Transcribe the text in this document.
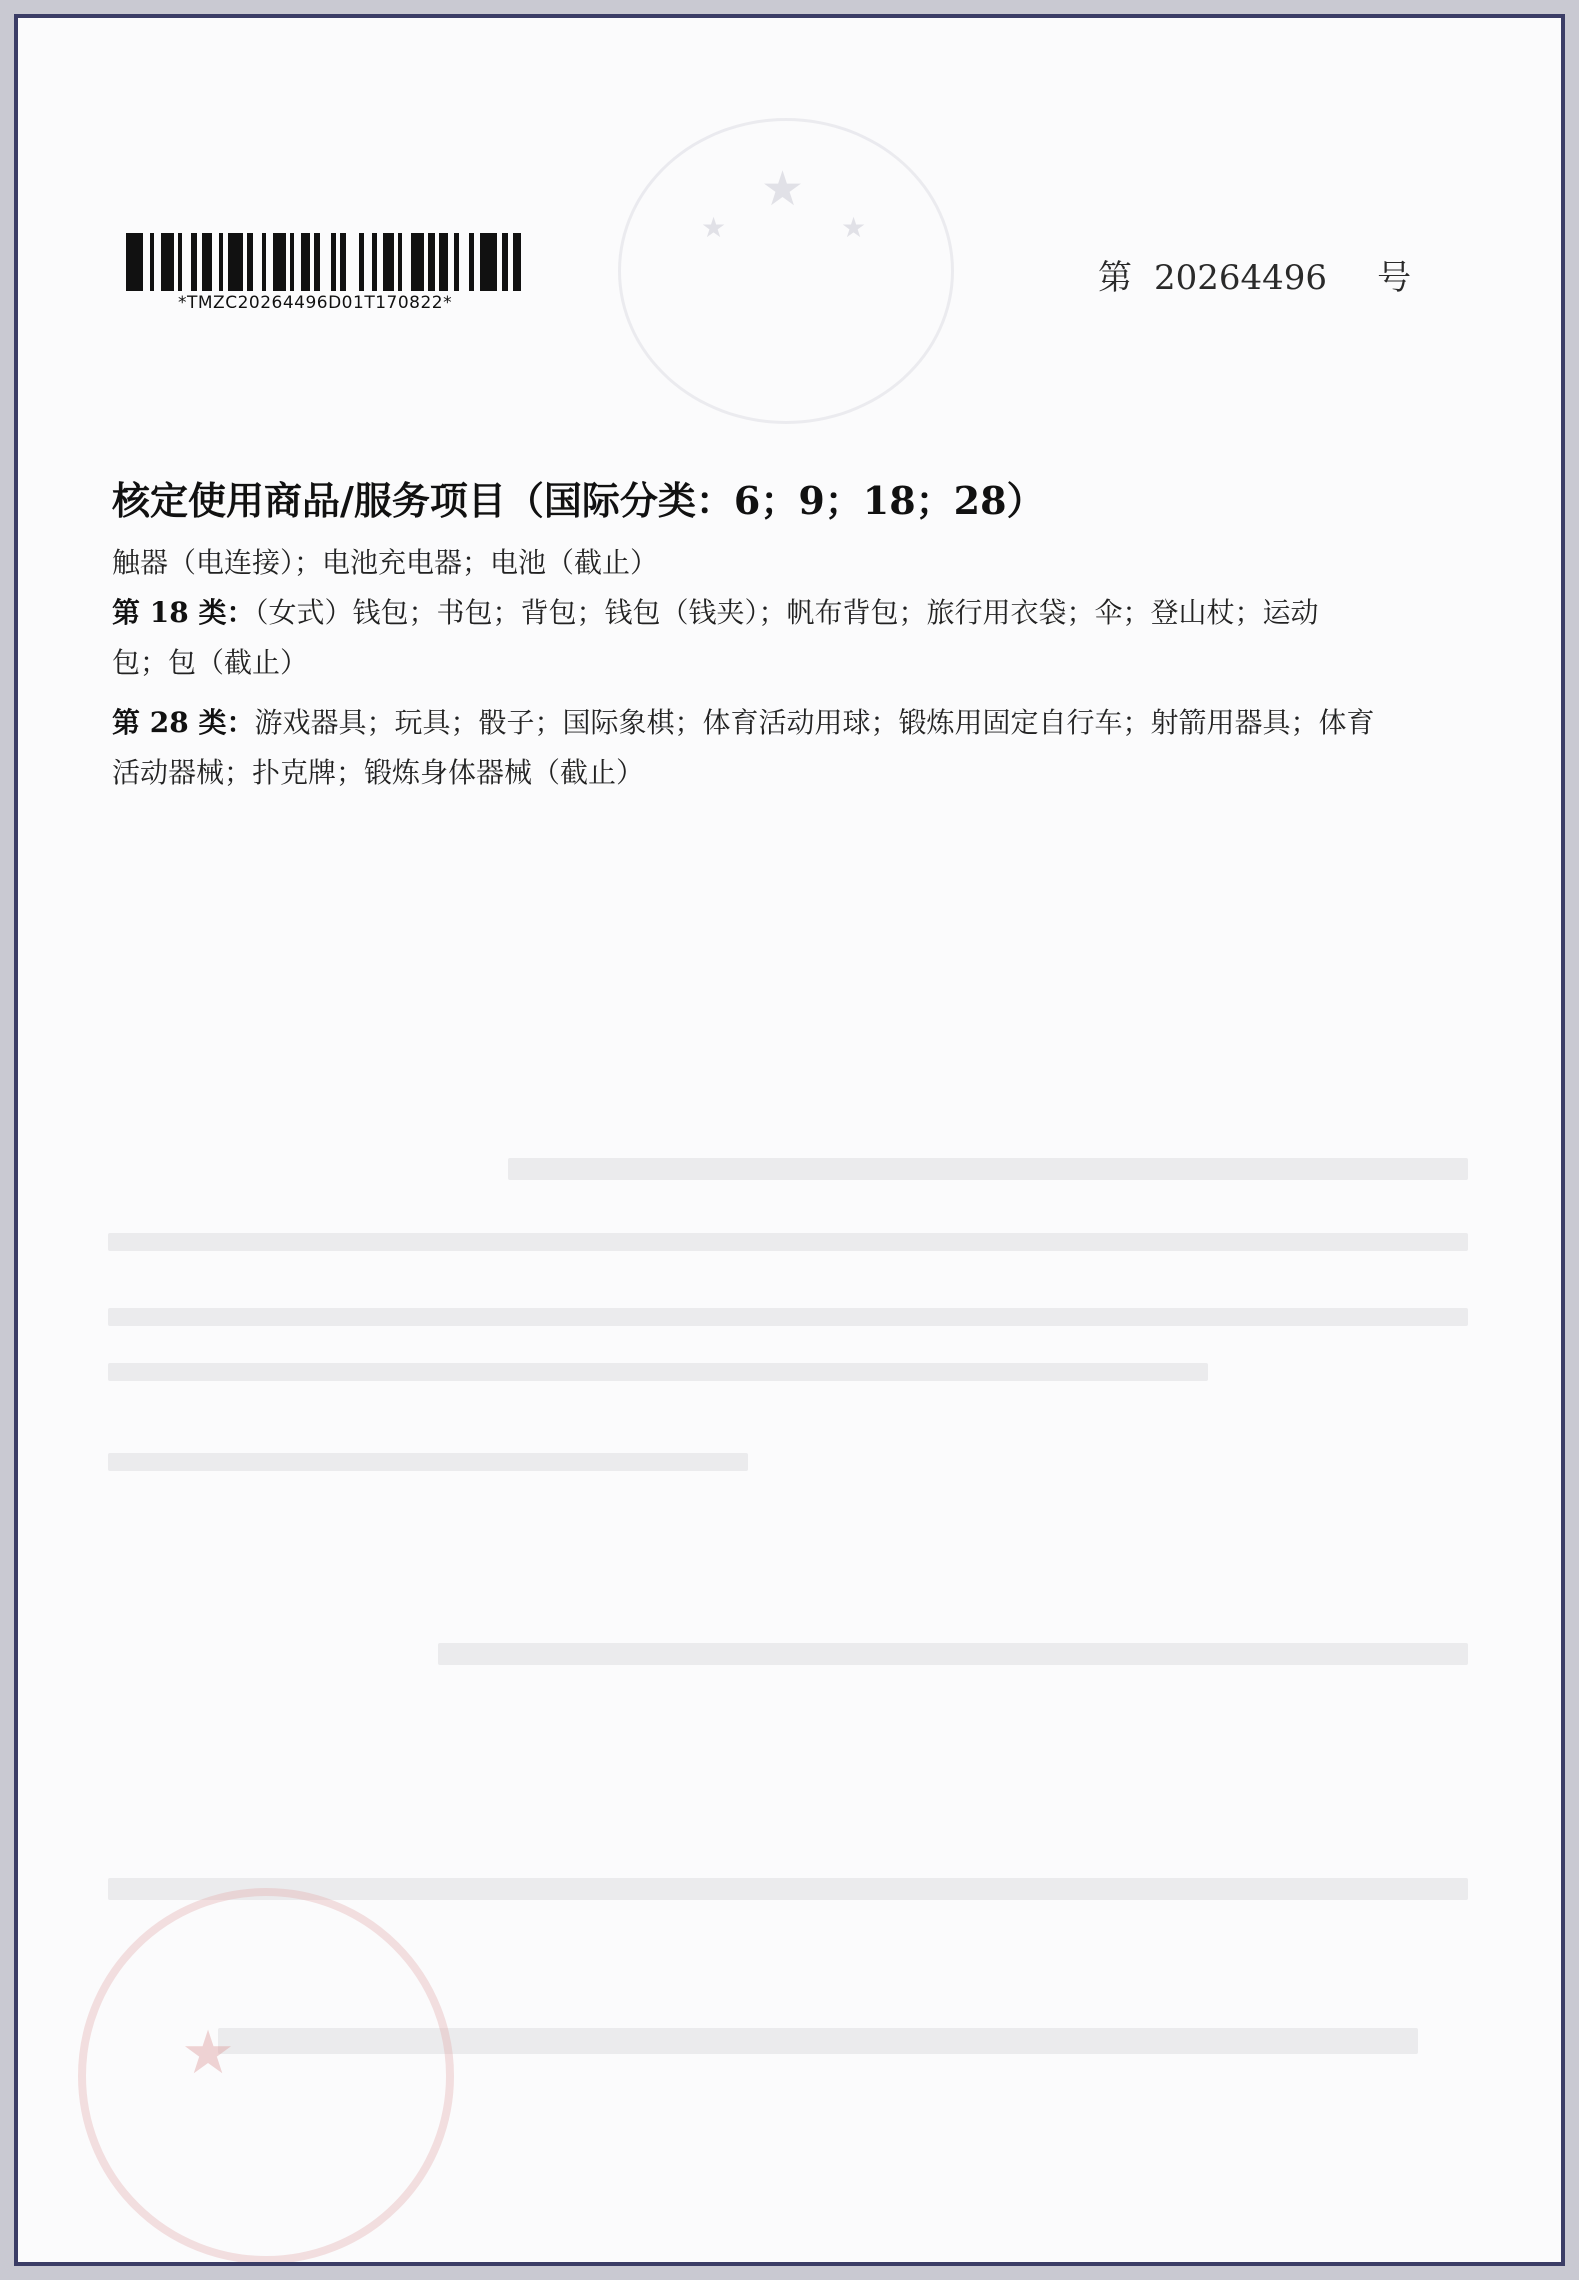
★
★	★
*TMZC20264496D01T170822*
第 20264496 号
核定使用商品/服务项目（国际分类：6；9；18；28）

触器（电连接）；电池充电器；电池（截止）

第 18 类：（女式）钱包；书包；背包；钱包（钱夹）；帆布背包；旅行用衣袋；伞；登山杖；运动

包；包（截止）

第 28 类：游戏器具；玩具；骰子；国际象棋；体育活动用球；锻炼用固定自行车；射箭用器具；体育

活动器械；扑克牌；锻炼身体器械（截止）

★
